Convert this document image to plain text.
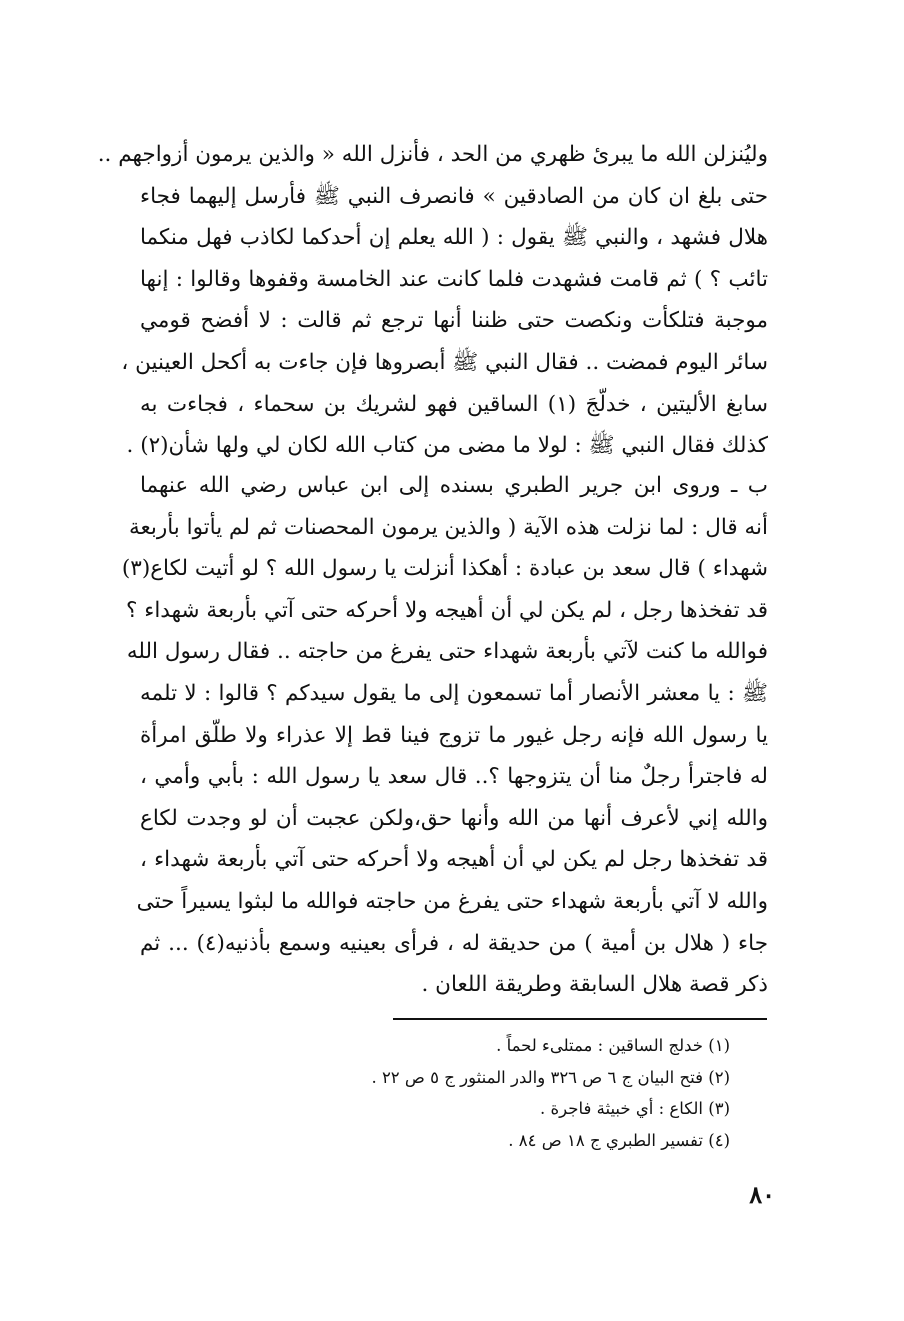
وليُنزلن الله ما يبرئ ظهري من الحد ، فأنزل الله « والذين يرمون أزواجهم ..
حتى بلغ ان كان من الصادقين » فانصرف النبي ﷺ فأرسل إليهما فجاء
هلال فشهد ، والنبي ﷺ يقول : ( الله يعلم إن أحدكما لكاذب فهل منكما
تائب ؟ ) ثم قامت فشهدت فلما كانت عند الخامسة وقفوها وقالوا : إنها
موجبة فتلكأت ونكصت حتى ظننا أنها ترجع ثم قالت : لا أفضح قومي
سائر اليوم فمضت .. فقال النبي ﷺ أبصروها فإن جاءت به أكحل العينين ،
سابغ الأليتين ، خدلّجَ (١) الساقين فهو لشريك بن سحماء ، فجاءت به
كذلك فقال النبي ﷺ : لولا ما مضى من كتاب الله لكان لي ولها شأن(٢) .
ب ـ وروى ابن جرير الطبري بسنده إلى ابن عباس رضي الله عنهما
أنه قال : لما نزلت هذه الآية ( والذين يرمون المحصنات ثم لم يأتوا بأربعة
شهداء ) قال سعد بن عبادة : أهكذا أنزلت يا رسول الله ؟ لو أتيت لكاع(٣)
قد تفخذها رجل ، لم يكن لي أن أهيجه ولا أحركه حتى آتي بأربعة شهداء ؟
فوالله ما كنت لآتي بأربعة شهداء حتى يفرغ من حاجته .. فقال رسول الله
ﷺ : يا معشر الأنصار أما تسمعون إلى ما يقول سيدكم ؟ قالوا : لا تلمه
يا رسول الله فإنه رجل غيور ما تزوج فينا قط إلا عذراء ولا طلّق امرأة
له فاجترأ رجلٌ منا أن يتزوجها ؟.. قال سعد يا رسول الله : بأبي وأمي ،
والله إني لأعرف أنها من الله وأنها حق،ولكن عجبت أن لو وجدت لكاع
قد تفخذها رجل لم يكن لي أن أهيجه ولا أحركه حتى آتي بأربعة شهداء ،
والله لا آتي بأربعة شهداء حتى يفرغ من حاجته فوالله ما لبثوا يسيراً حتى
جاء ( هلال بن أمية ) من حديقة له ، فرأى بعينيه وسمع بأذنيه(٤) ... ثم
ذكر قصة هلال السابقة وطريقة اللعان .
(١) خدلج الساقين : ممتلىء لحماً .
(٢) فتح البيان ج ٦ ص ٣٢٦ والدر المنثور ج ٥ ص ٢٢ .
(٣) الكاع : أي خبيثة فاجرة .
(٤) تفسير الطبري ج ١٨ ص ٨٤ .
٨٠
